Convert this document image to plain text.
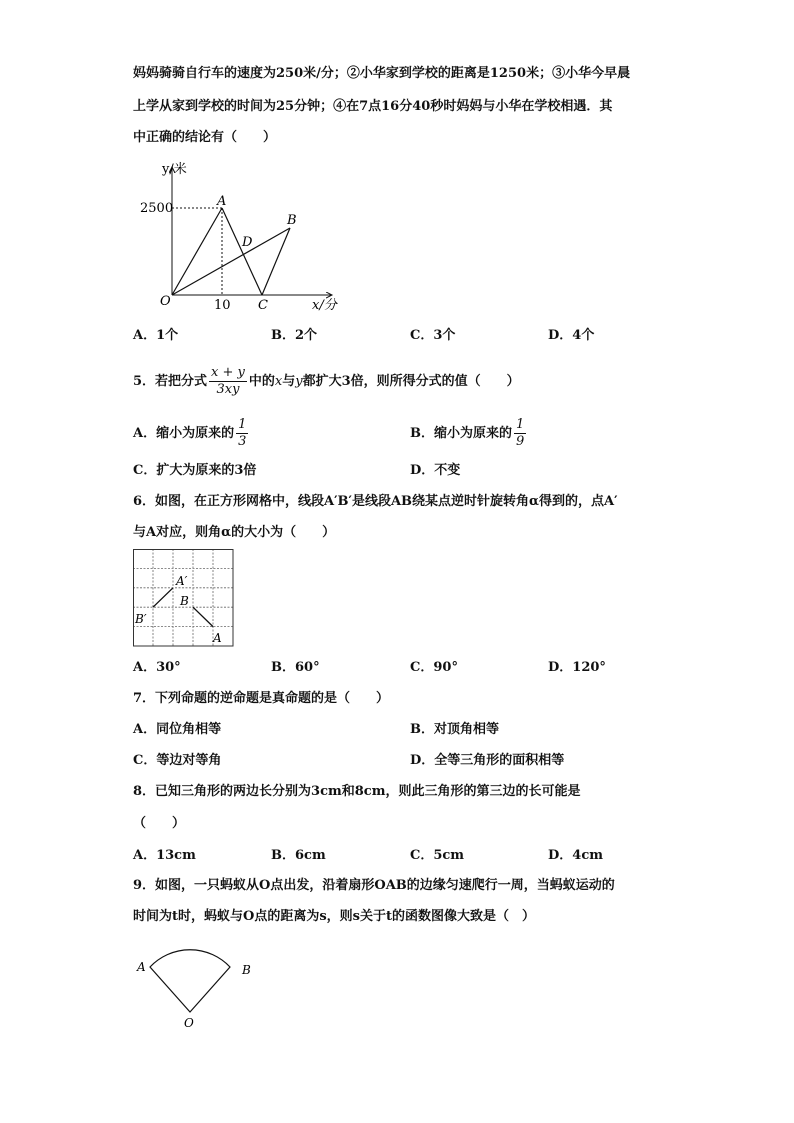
妈妈骑骑自行车的速度为250米/分；②小华家到学校的距离是1250米；③小华今早晨
上学从家到学校的时间为25分钟；④在7点16分40秒时妈妈与小华在学校相遇．其
中正确的结论有（　　）
y/米
2500
10	x/分
A
B
C
D
O
A．1个	B．2个	C．3个	D．4个
5．若把分式 $\frac{x + y}{3xy}$ 中的x与y都扩大3倍，则所得分式的值（　　）
A．缩小为原来的 $\frac{1}{3}$	B．缩小为原来的 $\frac{1}{9}$
C．扩大为原来的3倍	D．不变
6．如图，在正方形网格中，线段A′B′是线段AB绕某点逆时针旋转角α得到的，点A′
与A对应，则角α的大小为（　　）
A′
B
B′
A
A．30°	B．60°	C．90°	D．120°
7．下列命题的逆命题是真命题的是（　　）
A．同位角相等	B．对顶角相等
C．等边对等角	D．全等三角形的面积相等
8．已知三角形的两边长分别为3cm和8cm，则此三角形的第三边的长可能是
（　　）
A．13cm	B．6cm	C．5cm	D．4cm
9．如图，一只蚂蚁从O点出发，沿着扇形OAB的边缘匀速爬行一周，当蚂蚁运动的
时间为t时，蚂蚁与O点的距离为s，则s关于t的函数图像大致是（　）
A	B
O
